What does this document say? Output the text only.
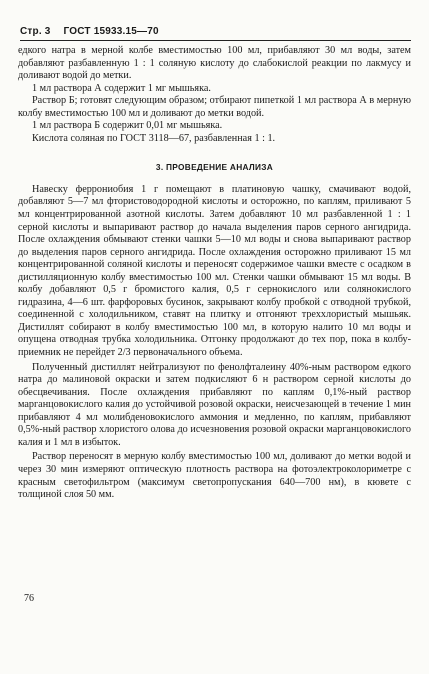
Стр. 3 ГОСТ 15933.15—70

едкого натра в мерной колбе вместимостью 100 мл, прибавляют 30 мл воды, затем добавляют разбавленную 1 : 1 соляную кислоту до слабокислой реакции по лакмусу и доливают водой до метки.

1 мл раствора А содержит 1 мг мышьяка.

Раствор Б; готовят следующим образом; отбирают пипеткой 1 мл раствора А в мерную колбу вместимостью 100 мл и доливают до метки водой.

1 мл раствора Б содержит 0,01 мг мышьяка.

Кислота соляная по ГОСТ 3118—67, разбавленная 1 : 1.

3. ПРОВЕДЕНИЕ АНАЛИЗА

Навеску феррониобия 1 г помещают в платиновую чашку, смачивают водой, добавляют 5—7 мл фтористоводородной кислоты и осторожно, по каплям, приливают 5 мл концентрированной азотной кислоты. Затем добавляют 10 мл разбавленной 1 : 1 серной кислоты и выпаривают раствор до начала выделения паров серного ангидрида. После охлаждения обмывают стенки чашки 5—10 мл воды и снова выпаривают раствор до выделения паров серного ангидрида. После охлаждения осторожно приливают 15 мл концентрированной соляной кислоты и переносят содержимое чашки вместе с осадком в дистилляционную колбу вместимостью 100 мл. Стенки чашки обмывают 15 мл воды. В колбу добавляют 0,5 г бромистого калия, 0,5 г сернокислого или солянокислого гидразина, 4—6 шт. фарфоровых бусинок, закрывают колбу пробкой с отводной трубкой, соединенной с холодильником, ставят на плитку и отгоняют треххлористый мышьяк. Дистиллят собирают в колбу вместимостью 100 мл, в которую налито 10 мл воды и опущена отводная трубка холодильника. Отгонку продолжают до тех пор, пока в колбу-приемник не перейдет 2/3 первоначального объема.

Полученный дистиллят нейтрализуют по фенолфталеину 40%-ным раствором едкого натра до малиновой окраски и затем подкисляют 6 н раствором серной кислоты до обесцвечивания. После охлаждения прибавляют по каплям 0,1%-ный раствор марганцовокислого калия до устойчивой розовой окраски, неисчезающей в течение 1 мин прибавляют 4 мл молибденовокислого аммония и медленно, по каплям, прибавляют 0,5%-ный раствор хлористого олова до исчезновения розовой окраски марганцовокислого калия и 1 мл в избыток.

Раствор переносят в мерную колбу вместимостью 100 мл, доливают до метки водой и через 30 мин измеряют оптическую плотность раствора на фотоэлектроколориметре с красным светофильтром (максимум светопропускания 640—700 нм), в кювете с толщиной слоя 50 мм.

76
